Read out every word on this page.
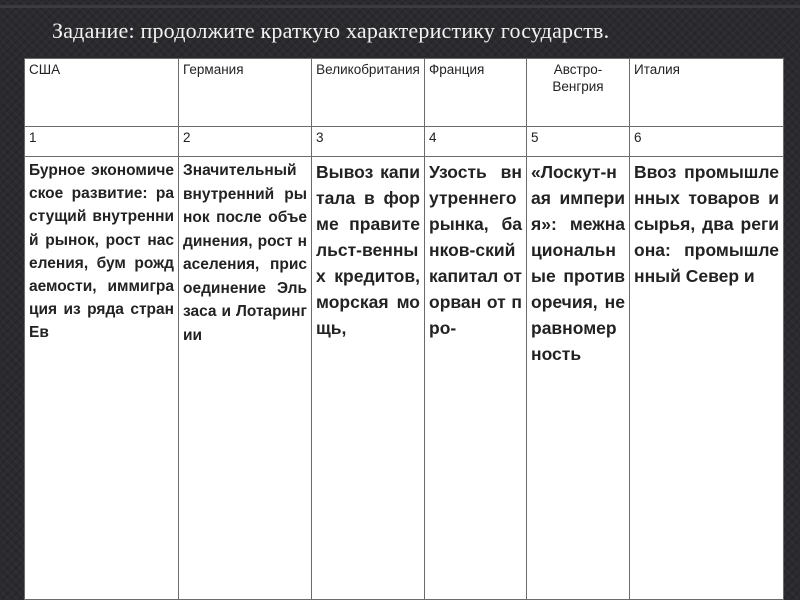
Задание: продолжите краткую характеристику государств.
США	Германия	Великобритания	Франция	Австро-Венгрия	Италия
1	2	3	4	5	6
Бурное экономическое развитие: растущий внутренний рынок, рост населения, бум рождаемости, иммиграция из ряда стран Ев	Значительный внутренний рынок после объединения, рост населения, присоединение Эльзаса и Лотарингии	Вывоз капитала в форме правительст-венных кредитов, морская мощь,	Узость внутреннего рынка, банков-ский капитал оторван от про-	«Лоскут-ная империя»: межнациональные противоречия, неравномерность	Ввоз промышленных товаров и сырья, два региона: промышленный Север и
